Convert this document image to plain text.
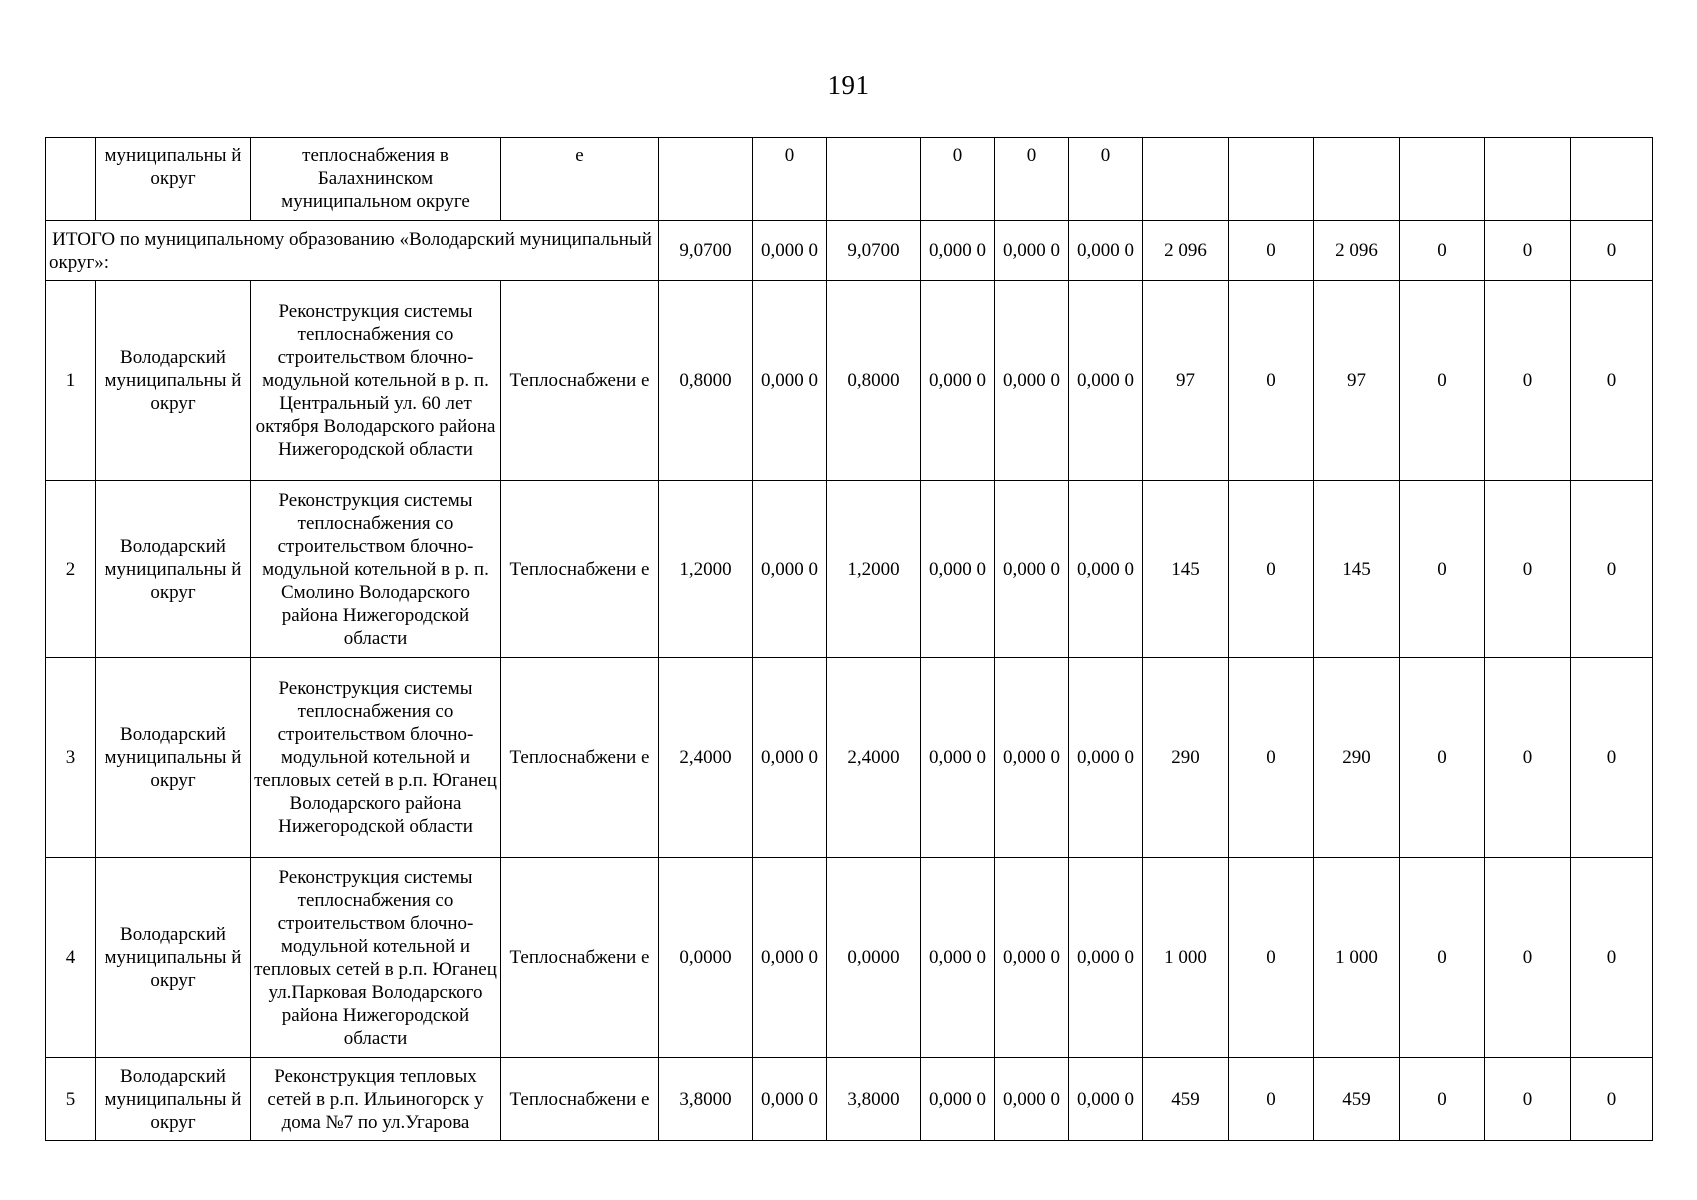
191
	муниципальны й округ	теплоснабжения в Балахнинском муниципальном округе	е		0		0	0	0						
ИТОГО по муниципальному образованию «Володарский муниципальный округ»:				9,0700	0,000 0	9,0700	0,000 0	0,000 0	0,000 0	2 096	0	2 096	0	0	0
1	Володарский муниципальны й округ	Реконструкция системы теплоснабжения со строительством блочно-модульной котельной в р. п. Центральный ул. 60 лет октября Володарского района Нижегородской области	Теплоснабжени е	0,8000	0,000 0	0,8000	0,000 0	0,000 0	0,000 0	97	0	97	0	0	0
2	Володарский муниципальны й округ	Реконструкция системы теплоснабжения со строительством блочно-модульной котельной в р. п. Смолино Володарского района Нижегородской области	Теплоснабжени е	1,2000	0,000 0	1,2000	0,000 0	0,000 0	0,000 0	145	0	145	0	0	0
3	Володарский муниципальны й округ	Реконструкция системы теплоснабжения со строительством блочно-модульной котельной и тепловых сетей в р.п. Юганец Володарского района Нижегородской области	Теплоснабжени е	2,4000	0,000 0	2,4000	0,000 0	0,000 0	0,000 0	290	0	290	0	0	0
4	Володарский муниципальны й округ	Реконструкция системы теплоснабжения со строительством блочно-модульной котельной и тепловых сетей в р.п. Юганец ул.Парковая Володарского района Нижегородской области	Теплоснабжени е	0,0000	0,000 0	0,0000	0,000 0	0,000 0	0,000 0	1 000	0	1 000	0	0	0
5	Володарский муниципальны й округ	Реконструкция тепловых сетей в р.п. Ильиногорск у дома №7 по ул.Угарова	Теплоснабжени е	3,8000	0,000 0	3,8000	0,000 0	0,000 0	0,000 0	459	0	459	0	0	0
